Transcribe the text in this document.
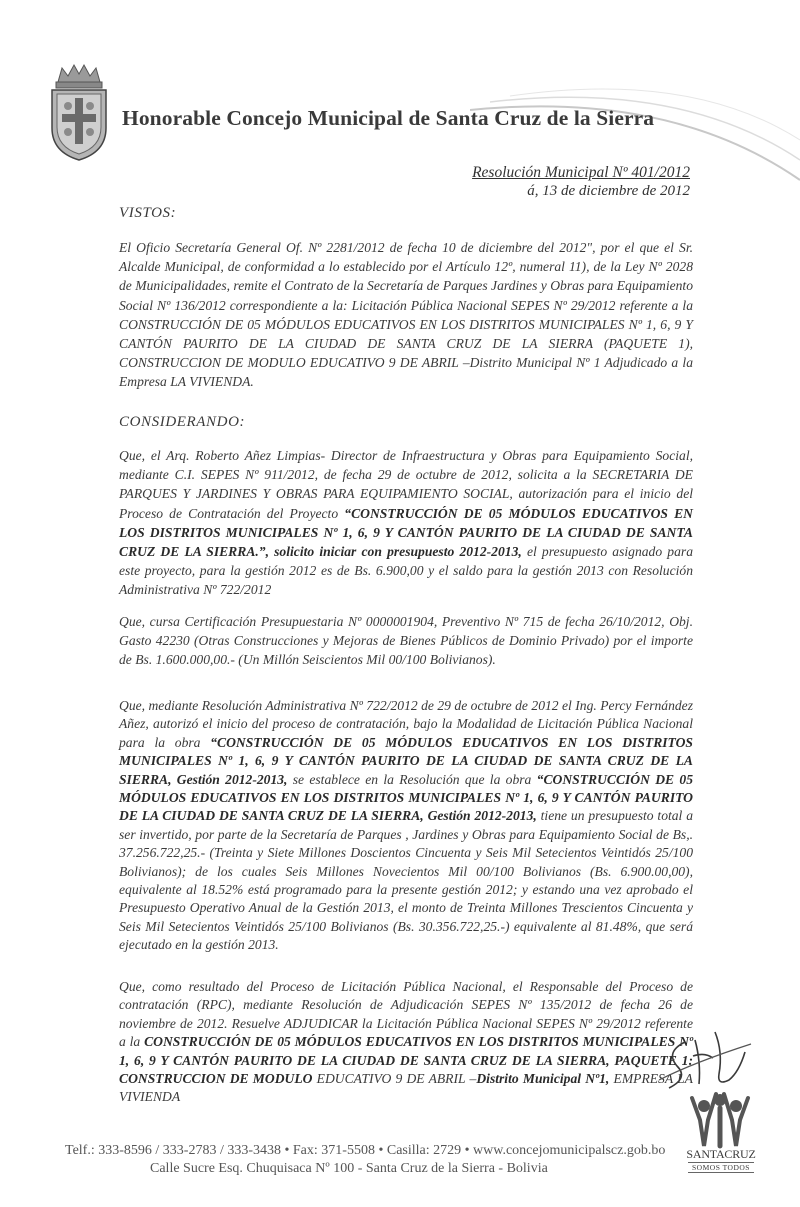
Honorable Concejo Municipal de Santa Cruz de la Sierra
Resolución Municipal Nº 401/2012
á, 13 de diciembre de 2012
VISTOS:

El Oficio Secretaría General Of. Nº 2281/2012 de fecha 10 de diciembre del 2012", por el que el Sr. Alcalde Municipal, de conformidad a lo establecido por el Artículo 12º, numeral 11), de la Ley Nº 2028 de Municipalidades, remite el Contrato de la Secretaría de Parques Jardines y Obras para Equipamiento Social Nº 136/2012 correspondiente a la: Licitación Pública Nacional SEPES Nº 29/2012 referente a la CONSTRUCCIÓN DE 05 MÓDULOS EDUCATIVOS EN LOS DISTRITOS MUNICIPALES Nº 1, 6, 9 Y CANTÓN PAURITO DE LA CIUDAD DE SANTA CRUZ DE LA SIERRA (PAQUETE 1), CONSTRUCCION DE MODULO EDUCATIVO 9 DE ABRIL –Distrito Municipal Nº 1 Adjudicado a la Empresa LA VIVIENDA.

CONSIDERANDO:

Que, el Arq. Roberto Añez Limpias- Director de Infraestructura y Obras para Equipamiento Social, mediante C.I. SEPES Nº 911/2012, de fecha 29 de octubre de 2012, solicita a la SECRETARIA DE PARQUES Y JARDINES Y OBRAS PARA EQUIPAMIENTO SOCIAL, autorización para el inicio del Proceso de Contratación del Proyecto “CONSTRUCCIÓN DE 05 MÓDULOS EDUCATIVOS EN LOS DISTRITOS MUNICIPALES Nº 1, 6, 9 Y CANTÓN PAURITO DE LA CIUDAD DE SANTA CRUZ DE LA SIERRA.”, solicito iniciar con presupuesto 2012-2013, el presupuesto asignado para este proyecto, para la gestión 2012 es de Bs. 6.900,00 y el saldo para la gestión 2013 con Resolución Administrativa Nº 722/2012

Que, cursa Certificación Presupuestaria Nº 0000001904, Preventivo Nº 715 de fecha 26/10/2012, Obj. Gasto 42230 (Otras Construcciones y Mejoras de Bienes Públicos de Dominio Privado) por el importe de Bs. 1.600.000,00.- (Un Millón Seiscientos Mil 00/100 Bolivianos).

Que, mediante Resolución Administrativa Nº 722/2012 de 29 de octubre de 2012 el Ing. Percy Fernández Añez, autorizó el inicio del proceso de contratación, bajo la Modalidad de Licitación Pública Nacional para la obra “CONSTRUCCIÓN DE 05 MÓDULOS EDUCATIVOS EN LOS DISTRITOS MUNICIPALES Nº 1, 6, 9 Y CANTÓN PAURITO DE LA CIUDAD DE SANTA CRUZ DE LA SIERRA, Gestión 2012-2013, se establece en la Resolución que la obra “CONSTRUCCIÓN DE 05 MÓDULOS EDUCATIVOS EN LOS DISTRITOS MUNICIPALES Nº 1, 6, 9 Y CANTÓN PAURITO DE LA CIUDAD DE SANTA CRUZ DE LA SIERRA, Gestión 2012-2013, tiene un presupuesto total a ser invertido, por parte de la Secretaría de Parques , Jardines y Obras para Equipamiento Social de Bs,. 37.256.722,25.- (Treinta y Siete Millones Doscientos Cincuenta y Seis Mil Setecientos Veintidós 25/100 Bolivianos); de los cuales Seis Millones Novecientos Mil 00/100 Bolivianos (Bs. 6.900.00,00), equivalente al 18.52% está programado para la presente gestión 2012; y estando una vez aprobado el Presupuesto Operativo Anual de la Gestión 2013, el monto de Treinta Millones Trescientos Cincuenta y Seis Mil Setecientos Veintidós 25/100 Bolivianos (Bs. 30.356.722,25.-) equivalente al 81.48%, que será ejecutado en la gestión 2013.

Que, como resultado del Proceso de Licitación Pública Nacional, el Responsable del Proceso de contratación (RPC), mediante Resolución de Adjudicación SEPES Nº 135/2012 de fecha 26 de noviembre de 2012. Resuelve ADJUDICAR la Licitación Pública Nacional SEPES Nº 29/2012 referente a la CONSTRUCCIÓN DE 05 MÓDULOS EDUCATIVOS EN LOS DISTRITOS MUNICIPALES Nº 1, 6, 9 Y CANTÓN PAURITO DE LA CIUDAD DE SANTA CRUZ DE LA SIERRA, PAQUETE 1: CONSTRUCCION DE MODULO EDUCATIVO 9 DE ABRIL –Distrito Municipal Nº1, EMPRESA LA VIVIENDA

SANTACRUZ
SOMOS TODOS
Telf.: 333-8596 / 333-2783 / 333-3438 • Fax: 371-5508 • Casilla: 2729 • www.concejomunicipalscz.gob.bo
Calle Sucre Esq. Chuquisaca Nº 100 - Santa Cruz de la Sierra - Bolivia
